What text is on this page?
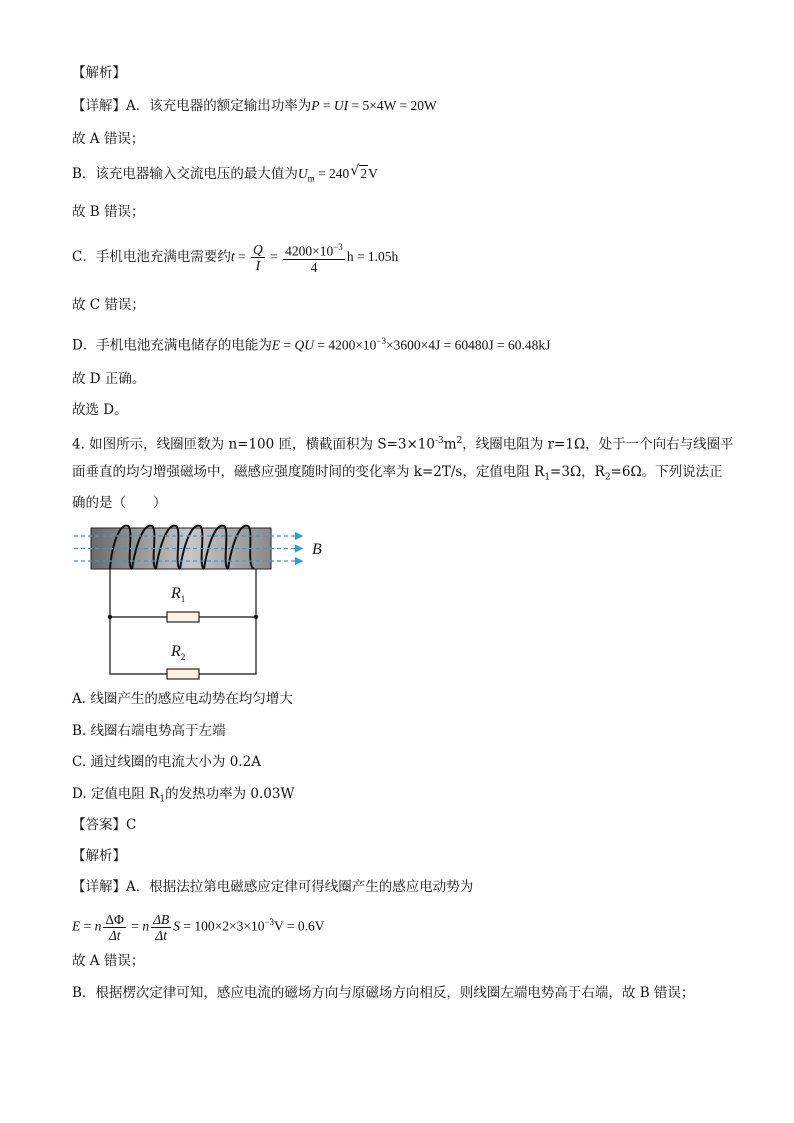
【解析】
【详解】A．该充电器的额定输出功率为P = UI = 5×4W = 20W
故 A 错误；
B．该充电器输入交流电压的最大值为$U_m = 240$ √ 2V
故 B 错误；
C．手机电池充满电需要约$t = \frac{Q}{I} = \frac{4200\times 10^{-3}}{4}$ h = 1.05h
故 C 错误；
D．手机电池充满电储存的电能为E = QU = $4200\times 10^{-3}\times 3600\times 4J = 60480J = 60.48kJ$
故 D 正确。
故选 D。
4. 如图所示，线圈匝数为 n=100 匝，横截面积为 $S=3\times 10^{-3}m^2$，线圈电阻为 r=1Ω，处于一个向右与线圈平
面垂直的均匀增强磁场中，磁感应强度随时间的变化率为 k=2T/s，定值电阻 $R_1=3\Omega$，$R_2=6\Omega$。下列说法正
确的是（　　）
B
$R_1$
$R_2$
A. 线圈产生的感应电动势在均匀增大
B. 线圈右端电势高于左端
C. 通过线圈的电流大小为 0.2A
D. 定值电阻 $R_1$的发热功率为 0.03W
【答案】C
【解析】
【详解】A．根据法拉第电磁感应定律可得线圈产生的感应电动势为
E = n $\frac{\Delta\Phi}{\Delta t} = n \frac{\Delta B}{\Delta t}$ $S = 100\times 2\times 3\times 10^{-3}V = 0.6V$
故 A 错误；
B．根据楞次定律可知，感应电流的磁场方向与原磁场方向相反，则线圈左端电势高于右端，故 B 错误；
